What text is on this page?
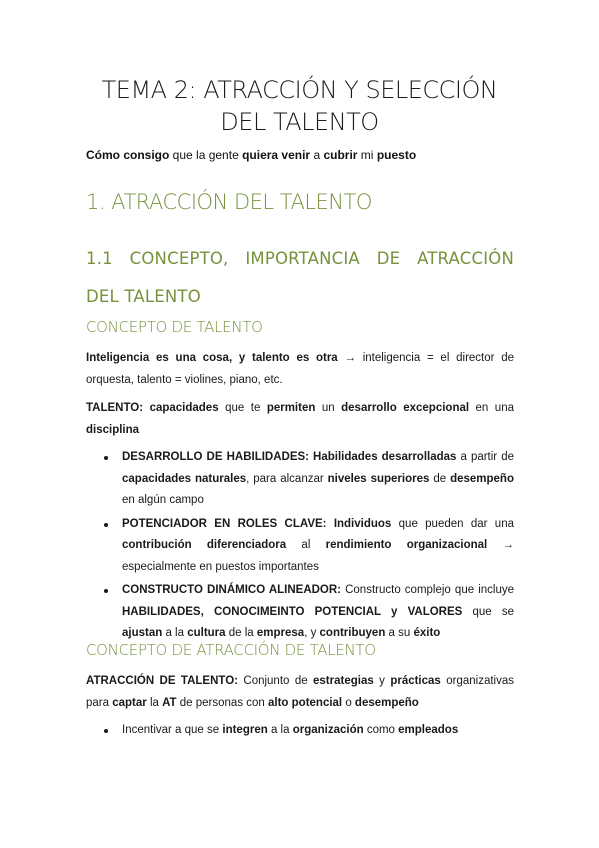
TEMA 2: ATRACCIÓN Y SELECCIÓN
DEL TALENTO
Cómo consigo que la gente quiera venir a cubrir mi puesto
1. ATRACCIÓN DEL TALENTO
1.1 CONCEPTO, IMPORTANCIA DE ATRACCIÓN
DEL TALENTO
CONCEPTO DE TALENTO
Inteligencia es una cosa, y talento es otra → inteligencia = el director de orquesta, talento = violines, piano, etc.
TALENTO: capacidades que te permiten un desarrollo excepcional en una disciplina
DESARROLLO DE HABILIDADES: Habilidades desarrolladas a partir de capacidades naturales, para alcanzar niveles superiores de desempeño en algún campo
POTENCIADOR EN ROLES CLAVE: Individuos que pueden dar una contribución diferenciadora al rendimiento organizacional → especialmente en puestos importantes
CONSTRUCTO DINÁMICO ALINEADOR: Constructo complejo que incluye HABILIDADES, CONOCIMEINTO POTENCIAL y VALORES que se ajustan a la cultura de la empresa, y contribuyen a su éxito
CONCEPTO DE ATRACCIÓN DE TALENTO
ATRACCIÓN DE TALENTO: Conjunto de estrategias y prácticas organizativas para captar la AT de personas con alto potencial o desempeño
Incentivar a que se integren a la organización como empleados
